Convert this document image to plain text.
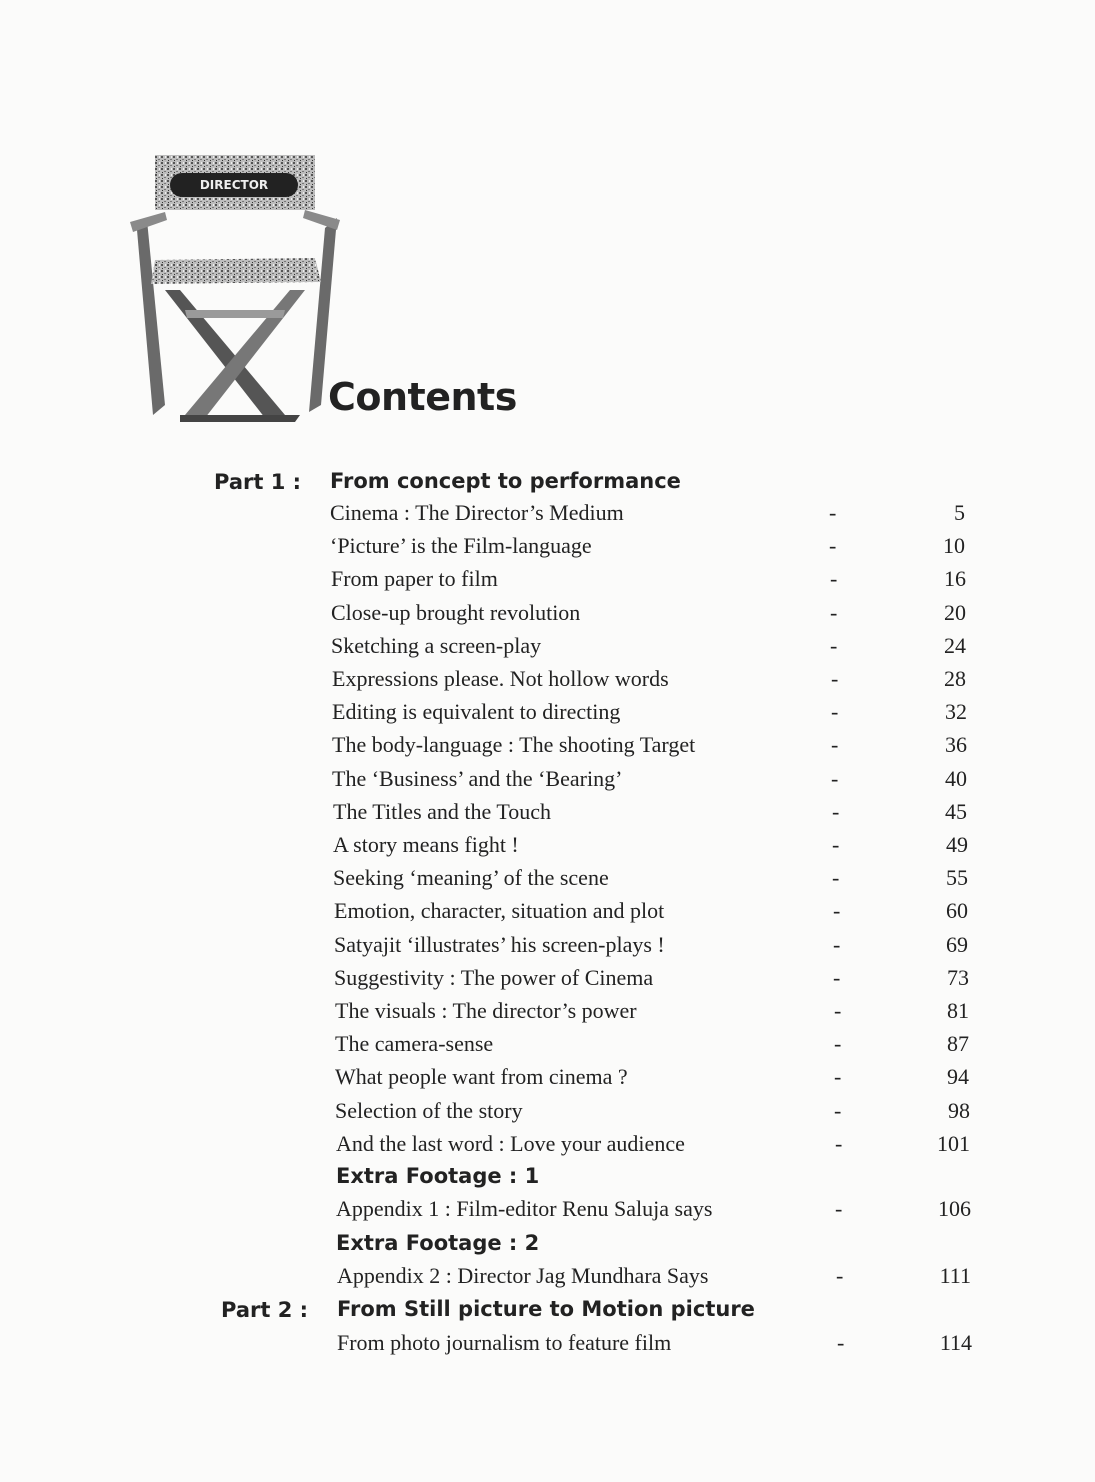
DIRECTOR
Contents
Part 1 : From concept to performance
Cinema : The Director’s Medium	-	5
‘Picture’ is the Film-language	-	10
From paper to film	-	16
Close-up brought revolution	-	20
Sketching a screen-play	-	24
Expressions please. Not hollow words	-	28
Editing is equivalent to directing	-	32
The body-language : The shooting Target	-	36
The ‘Business’ and the ‘Bearing’	-	40
The Titles and the Touch	-	45
A story means fight !	-	49
Seeking ‘meaning’ of the scene	-	55
Emotion, character, situation and plot	-	60
Satyajit ‘illustrates’ his screen-plays !	-	69
Suggestivity : The power of Cinema	-	73
The visuals : The director’s power	-	81
The camera-sense	-	87
What people want from cinema ?	-	94
Selection of the story	-	98
And the last word : Love your audience	-	101
Extra Footage : 1
Appendix 1 : Film-editor Renu Saluja says	-	106
Extra Footage : 2
Appendix 2 : Director Jag Mundhara Says	-	111
Part 2 : From Still picture to Motion picture
From photo journalism to feature film	-	114
